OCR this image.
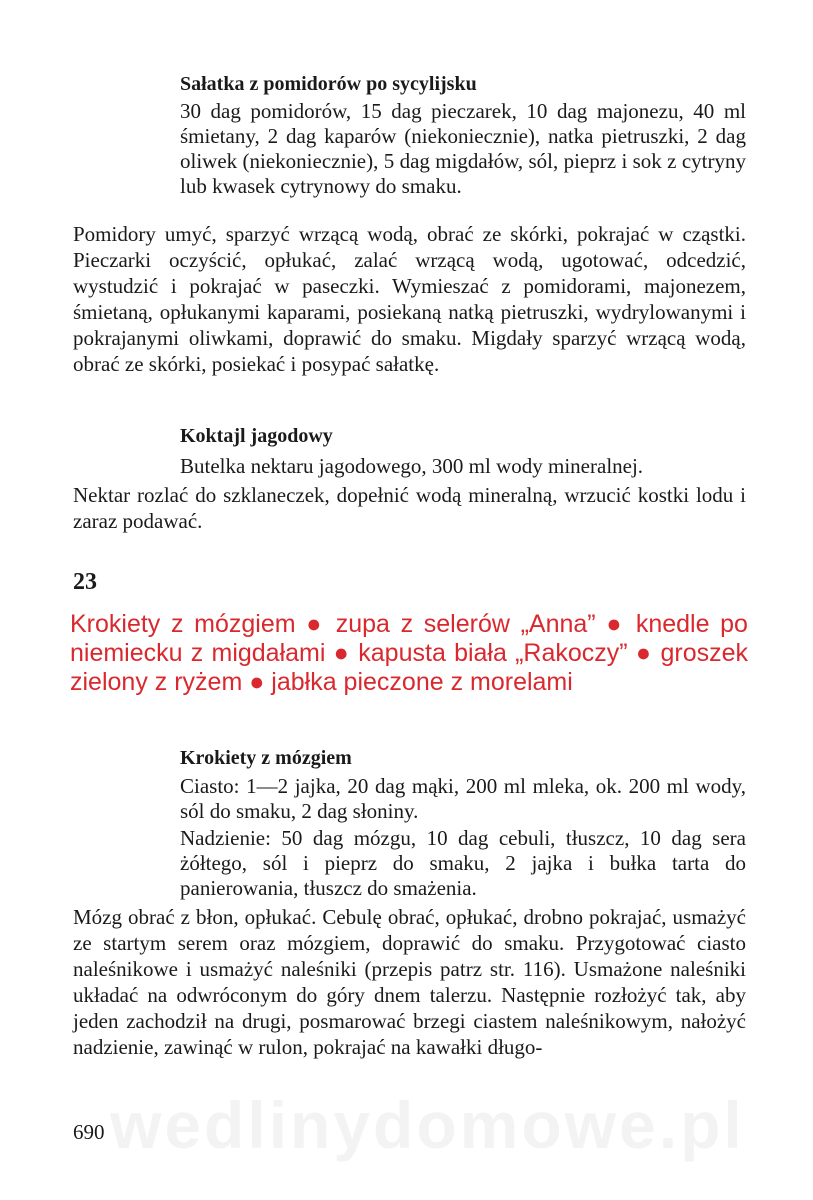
Sałatka z pomidorów po sycylijsku

30 dag pomidorów, 15 dag pieczarek, 10 dag majonezu, 40 ml śmietany, 2 dag kaparów (niekoniecznie), natka pietruszki, 2 dag oliwek (niekoniecznie), 5 dag migdałów, sól, pieprz i sok z cytryny lub kwasek cytrynowy do smaku.

Pomidory umyć, sparzyć wrzącą wodą, obrać ze skórki, pokrajać w cząstki. Pieczarki oczyścić, opłukać, zalać wrzącą wodą, ugotować, odcedzić, wystudzić i pokrajać w paseczki. Wymieszać z pomidorami, majonezem, śmietaną, opłukanymi kaparami, posiekaną natką pietruszki, wydrylowanymi i pokrajanymi oliwkami, doprawić do smaku. Migdały sparzyć wrzącą wodą, obrać ze skórki, posiekać i posypać sałatkę.

Koktajl jagodowy

Butelka nektaru jagodowego, 300 ml wody mineralnej.

Nektar rozlać do szklaneczek, dopełnić wodą mineralną, wrzucić kostki lodu i zaraz podawać.

23

Krokiety z mózgiem ● zupa z selerów „Anna” ● knedle po niemiecku z migdałami ● kapusta biała „Rakoczy” ● groszek zielony z ryżem ● jabłka pieczone z morelami

Krokiety z mózgiem

Ciasto: 1—2 jajka, 20 dag mąki, 200 ml mleka, ok. 200 ml wody, sól do smaku, 2 dag słoniny.

Nadzienie: 50 dag mózgu, 10 dag cebuli, tłuszcz, 10 dag sera żółtego, sól i pieprz do smaku, 2 jajka i bułka tarta do panierowania, tłuszcz do smażenia.

Mózg obrać z błon, opłukać. Cebulę obrać, opłukać, drobno pokrajać, usmażyć ze startym serem oraz mózgiem, doprawić do smaku. Przygotować ciasto naleśnikowe i usmażyć naleśniki (przepis patrz str. 116). Usmażone naleśniki układać na odwróconym do góry dnem talerzu. Następnie rozłożyć tak, aby jeden zachodził na drugi, posmarować brzegi ciastem naleśnikowym, nałożyć nadzienie, zawinąć w rulon, pokrajać na kawałki długo-

wedlinydomowe.pl
690
